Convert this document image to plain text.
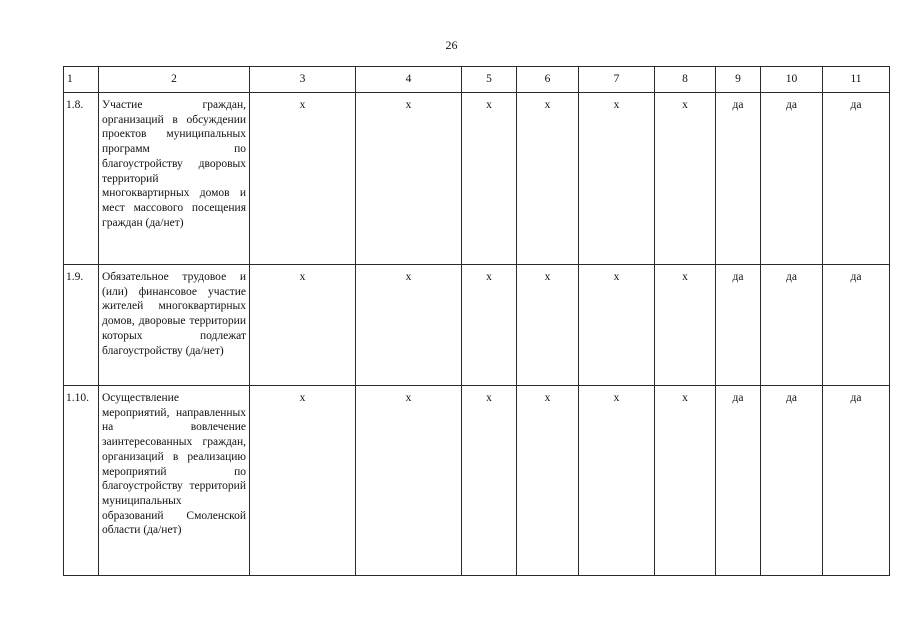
26
1	2	3	4	5	6	7	8	9	10	11
1.8.	Участие граждан, организаций в обсуждении проектов муниципальных программ по благоустройству дворовых территорий многоквартирных домов и мест массового посещения граждан (да/нет)	х	х	х	х	х	х	да	да	да
1.9.	Обязательное трудовое и (или) финансовое участие жителей многоквартирных домов, дворовые территории которых подлежат благоустройству (да/нет)	х	х	х	х	х	х	да	да	да
1.10.	Осуществление мероприятий, направленных на вовлечение заинтересованных граждан, организаций в реализацию мероприятий по благоустройству территорий муниципальных образований Смоленской области (да/нет)	х	х	х	х	х	х	да	да	да
